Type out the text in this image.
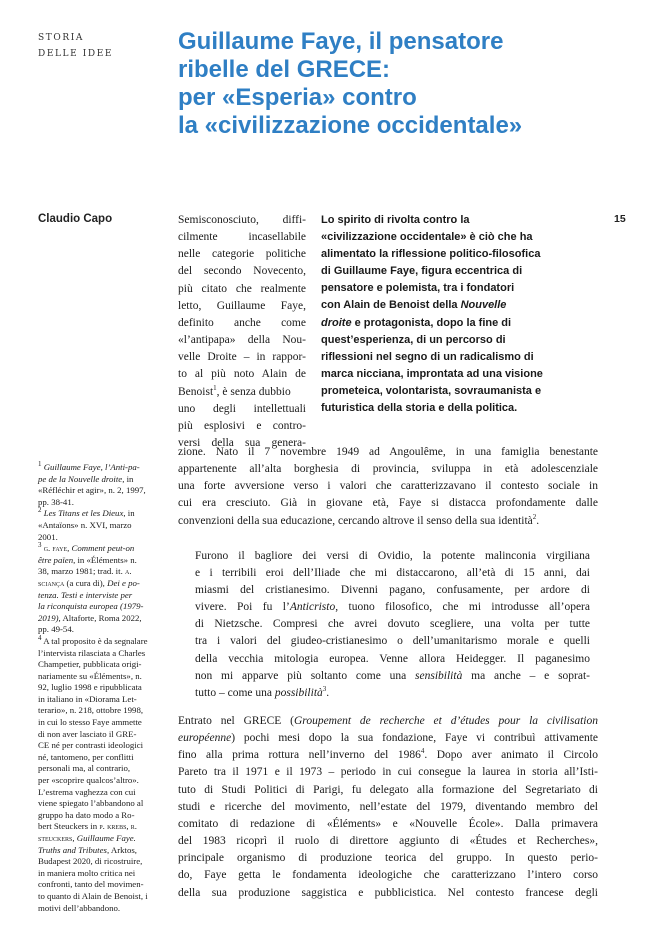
STORIA
DELLE IDEE	Guillaume Faye, il pensatore
ribelle del GRECE:
per «Esperia» contro
la «civilizzazione occidentale»
Claudio Capo	15
Semisconosciuto, diffi-
cilmente incasellabile
nelle categorie politiche
del secondo Novecento,
più citato che realmente
letto, Guillaume Faye,
definito anche come
«l’antipapa» della Nou-
velle Droite – in rappor-
to al più noto Alain de
Benoist$^1$, è senza dubbio
uno degli intellettuali
più esplosivi e contro-
versi della sua genera-
Lo spirito di rivolta contro la
«civilizzazione occidentale» è ciò che ha
alimentato la riflessione politico-filosofica
di Guillaume Faye, figura eccentrica di
pensatore e polemista, tra i fondatori
con Alain de Benoist della Nouvelle
droite e protagonista, dopo la fine di
quest’esperienza, di un percorso di
riflessioni nel segno di un radicalismo di
marca nicciana, improntata ad una visione
prometeica, volontarista, sovraumanista e
futuristica della storia e della politica.
$^1$ Guillaume Faye, l’Anti-pa-
pe de la Nouvelle droite, in
«Réfléchir et agir», n. 2, 1997,
pp. 38-41.
$^2$ Les Titans et les Dieux, in
«Antaïons» n. XVI, marzo
2001.
$^3$ g. faye, Comment peut-on
être païen, in «Éléments» n.
38, marzo 1981; trad. it. a.
sciança (a cura di), Dei e po-
tenza. Testi e interviste per
la riconquista europea (1979-
2019), Altaforte, Roma 2022,
pp. 49-54.
$^4$ A tal proposito è da segnalare
l’intervista rilasciata a Charles
Champetier, pubblicata origi-
nariamente su «Éléments», n.
92, luglio 1998 e ripubblicata
in italiano in «Diorama Let-
terario», n. 218, ottobre 1998,
in cui lo stesso Faye ammette
di non aver lasciato il GRE-
CE né per contrasti ideologici
né, tantomeno, per conflitti
personali ma, al contrario,
per «scoprire qualcos’altro».
L’estrema vaghezza con cui
viene spiegato l’abbandono al
gruppo ha dato modo a Ro-
bert Steuckers in p. krebs, r.
steuckers, Guillaume Faye.
Truths and Tributes, Arktos,
Budapest 2020, di ricostruire,
in maniera molto critica nei
confronti, tanto del movimen-
to quanto di Alain de Benoist, i
motivi dell’abbandono.
zione. Nato il 7 novembre 1949 ad Angoulême, in una famiglia benestante
appartenente all’alta borghesia di provincia, sviluppa in età adolescenziale
una forte avversione verso i valori che caratterizzavano il contesto sociale in
cui era cresciuto. Già in giovane età, Faye si distacca profondamente dalle
convenzioni della sua educazione, cercando altrove il senso della sua identità$^2$.
Furono il bagliore dei versi di Ovidio, la potente malinconia virgiliana
e i terribili eroi dell’Iliade che mi distaccarono, all’età di 15 anni, dai
miasmi del cristianesimo. Divenni pagano, confusamente, per ardore di
vivere. Poi fu l’Anticristo, tuono filosofico, che mi introdusse all’opera
di Nietzsche. Compresi che avrei dovuto scegliere, una volta per tutte
tra i valori del giudeo-cristianesimo o dell’umanitarismo morale e quelli
della vecchia mitologia europea. Venne allora Heidegger. Il paganesimo
non mi apparve più soltanto come una sensibilità ma anche – e soprat-
tutto – come una possibilità$^3$.
Entrato nel GRECE (Groupement de recherche et d’études pour la civilisation
européenne) pochi mesi dopo la sua fondazione, Faye vi contribuì attivamente
fino alla prima rottura nell’inverno del 1986$^4$. Dopo aver animato il Circolo
Pareto tra il 1971 e il 1973 – periodo in cui consegue la laurea in storia all’Isti-
tuto di Studi Politici di Parigi, fu delegato alla formazione del Segretariato di
studi e ricerche del movimento, nell’estate del 1979, diventando membro del
comitato di redazione di «Éléments» e «Nouvelle École». Dalla primavera
del 1983 ricoprì il ruolo di direttore aggiunto di «Études et Recherches»,
principale organismo di produzione teorica del gruppo. In questo perio-
do, Faye getta le fondamenta ideologiche che caratterizzano l’intero corso
della sua produzione saggistica e pubblicistica. Nel contesto francese degli
